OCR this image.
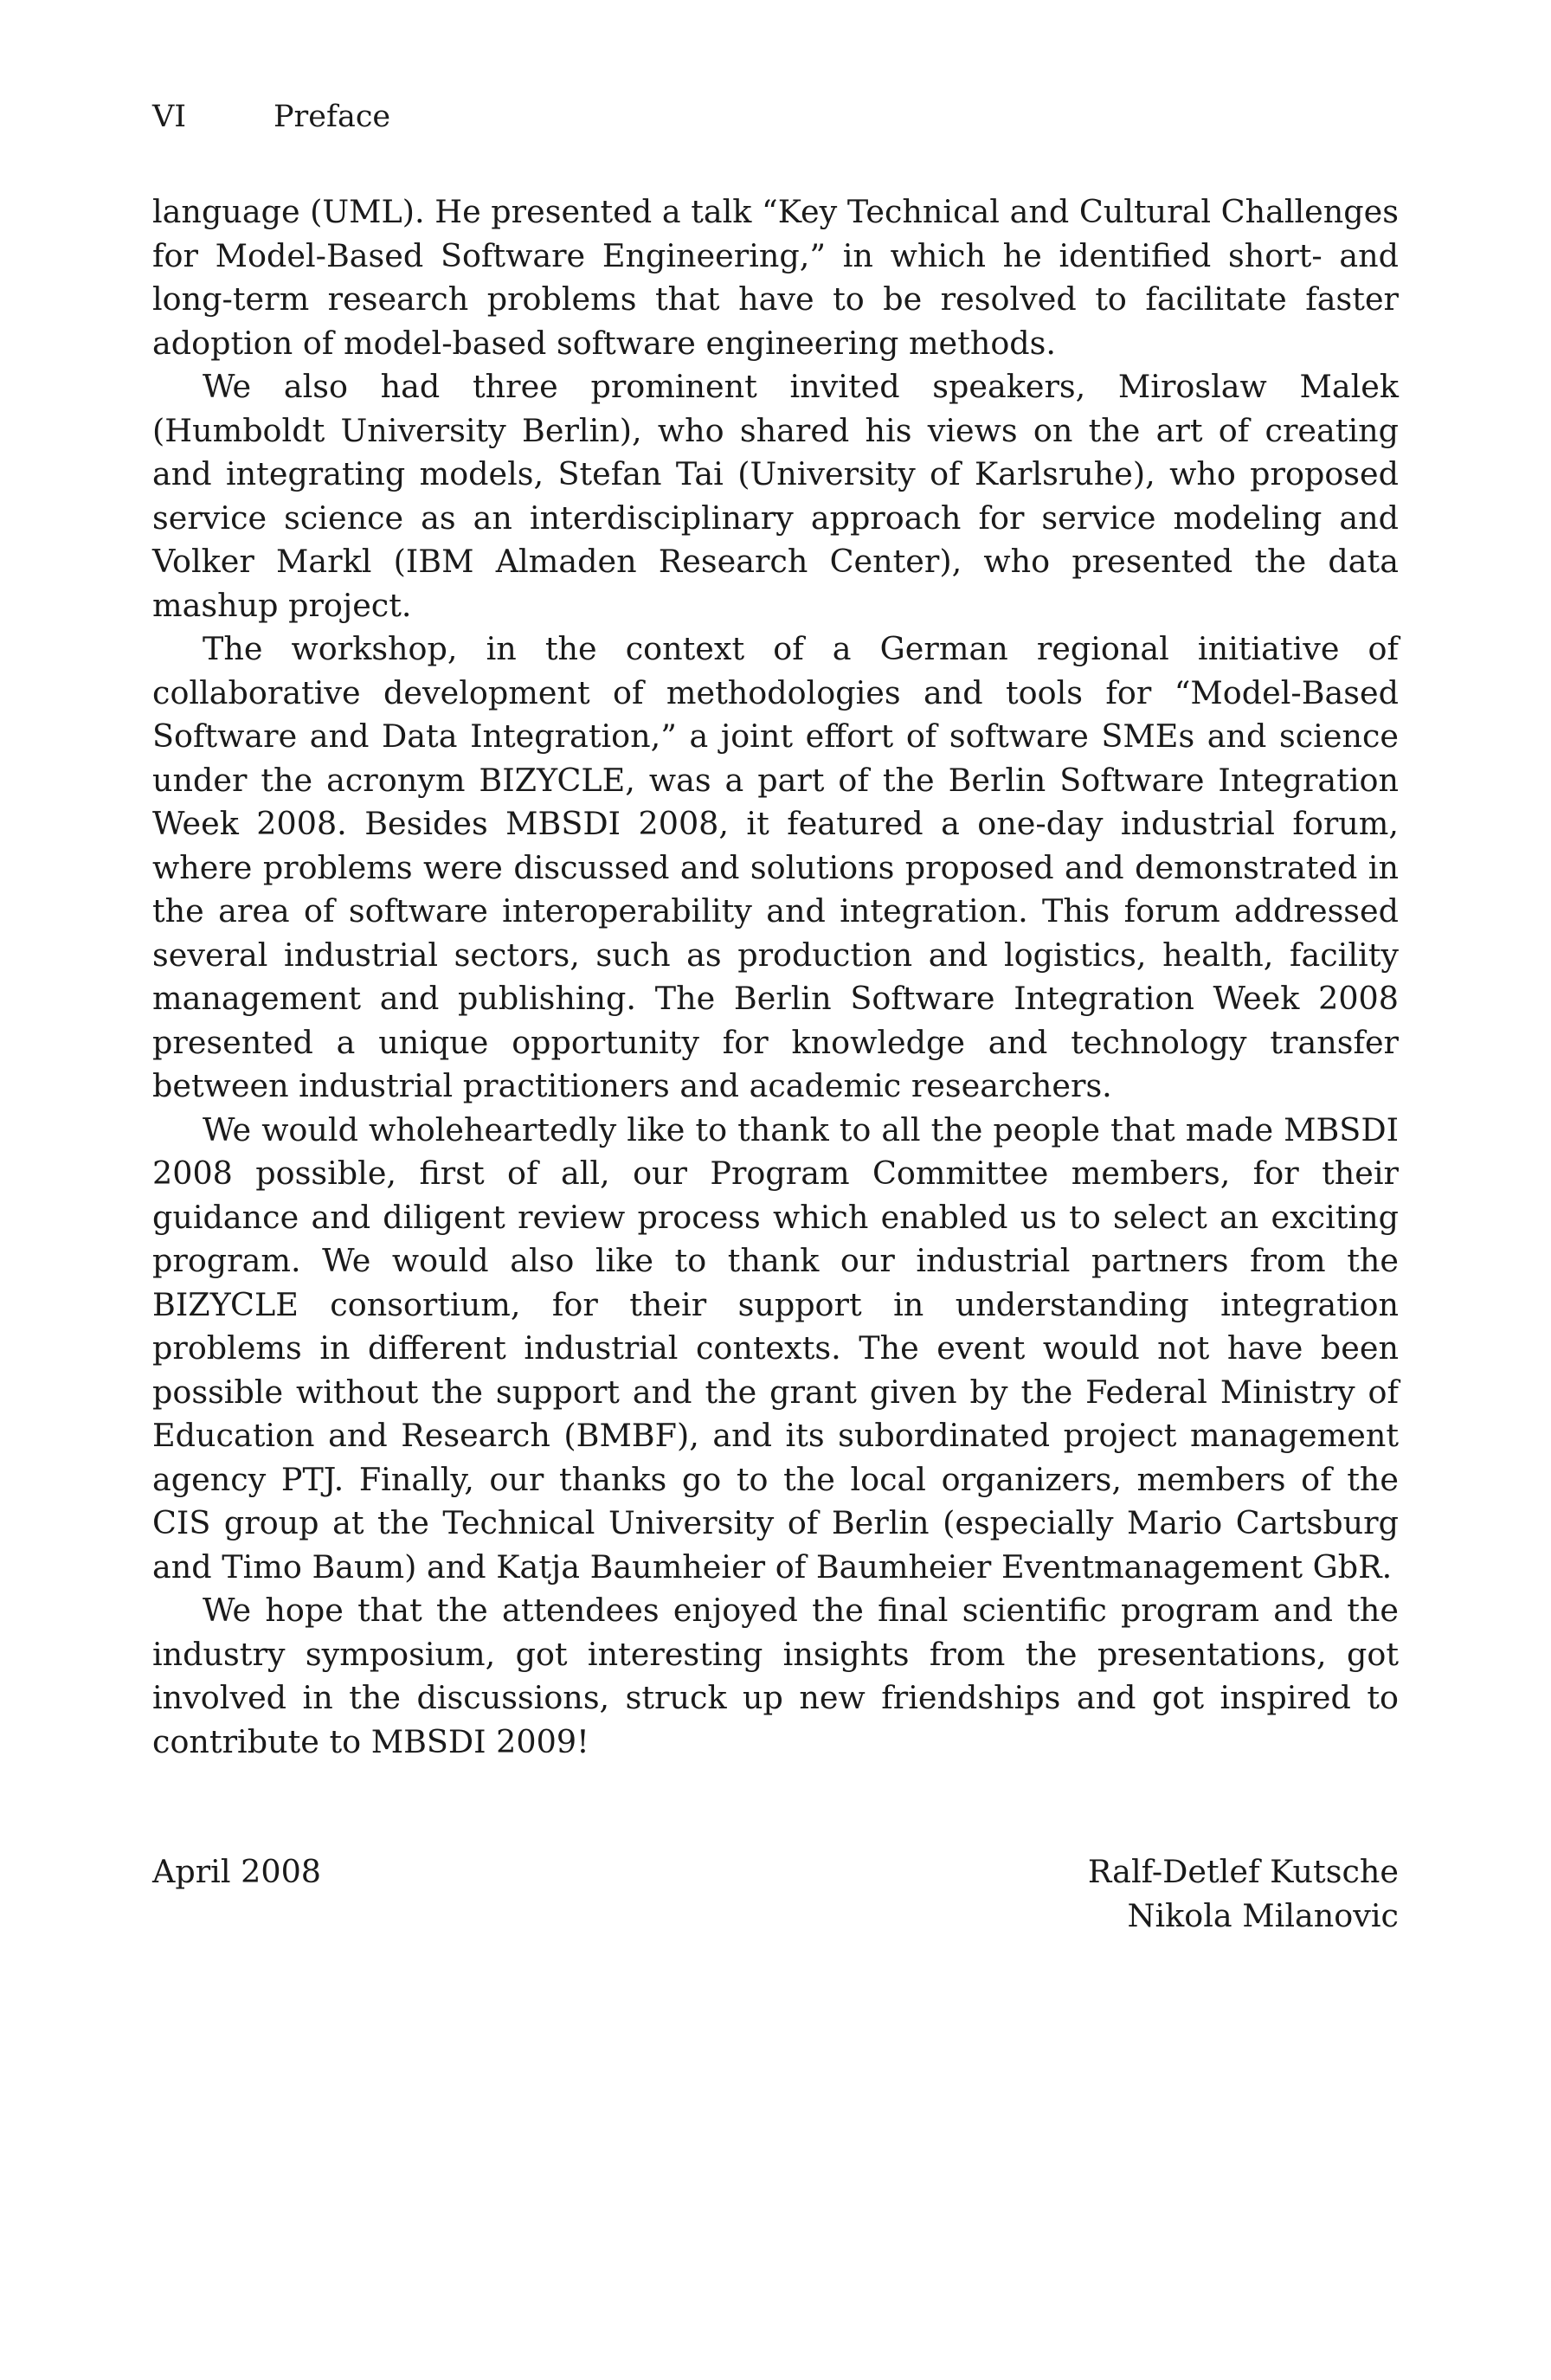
VI	Preface

language (UML). He presented a talk “Key Technical and Cultural Challenges for Model-Based Software Engineering,” in which he identified short- and long-term research problems that have to be resolved to facilitate faster adoption of model-based software engineering methods.

We also had three prominent invited speakers, Miroslaw Malek (Humboldt University Berlin), who shared his views on the art of creating and integrating models, Stefan Tai (University of Karlsruhe), who proposed service science as an interdisciplinary approach for service modeling and Volker Markl (IBM Almaden Research Center), who presented the data mashup project.

The workshop, in the context of a German regional initiative of collaborative development of methodologies and tools for “Model-Based Software and Data Integration,” a joint effort of software SMEs and science under the acronym BIZYCLE, was a part of the Berlin Software Integration Week 2008. Besides MBSDI 2008, it featured a one-day industrial forum, where problems were discussed and solutions proposed and demonstrated in the area of software interoperability and integration. This forum addressed several industrial sectors, such as production and logistics, health, facility management and publishing. The Berlin Software Integration Week 2008 presented a unique opportunity for knowledge and technology transfer between industrial practitioners and academic researchers.

We would wholeheartedly like to thank to all the people that made MBSDI 2008 possible, first of all, our Program Committee members, for their guidance and diligent review process which enabled us to select an exciting program. We would also like to thank our industrial partners from the BIZYCLE consortium, for their support in understanding integration problems in different industrial contexts. The event would not have been possible without the support and the grant given by the Federal Ministry of Education and Research (BMBF), and its subordinated project management agency PTJ. Finally, our thanks go to the local organizers, members of the CIS group at the Technical University of Berlin (especially Mario Cartsburg and Timo Baum) and Katja Baumheier of Baumheier Eventmanagement GbR.

We hope that the attendees enjoyed the final scientific program and the industry symposium, got interesting insights from the presentations, got involved in the discussions, struck up new friendships and got inspired to contribute to MBSDI 2009!

April 2008	Ralf-Detlef Kutsche
Nikola Milanovic
